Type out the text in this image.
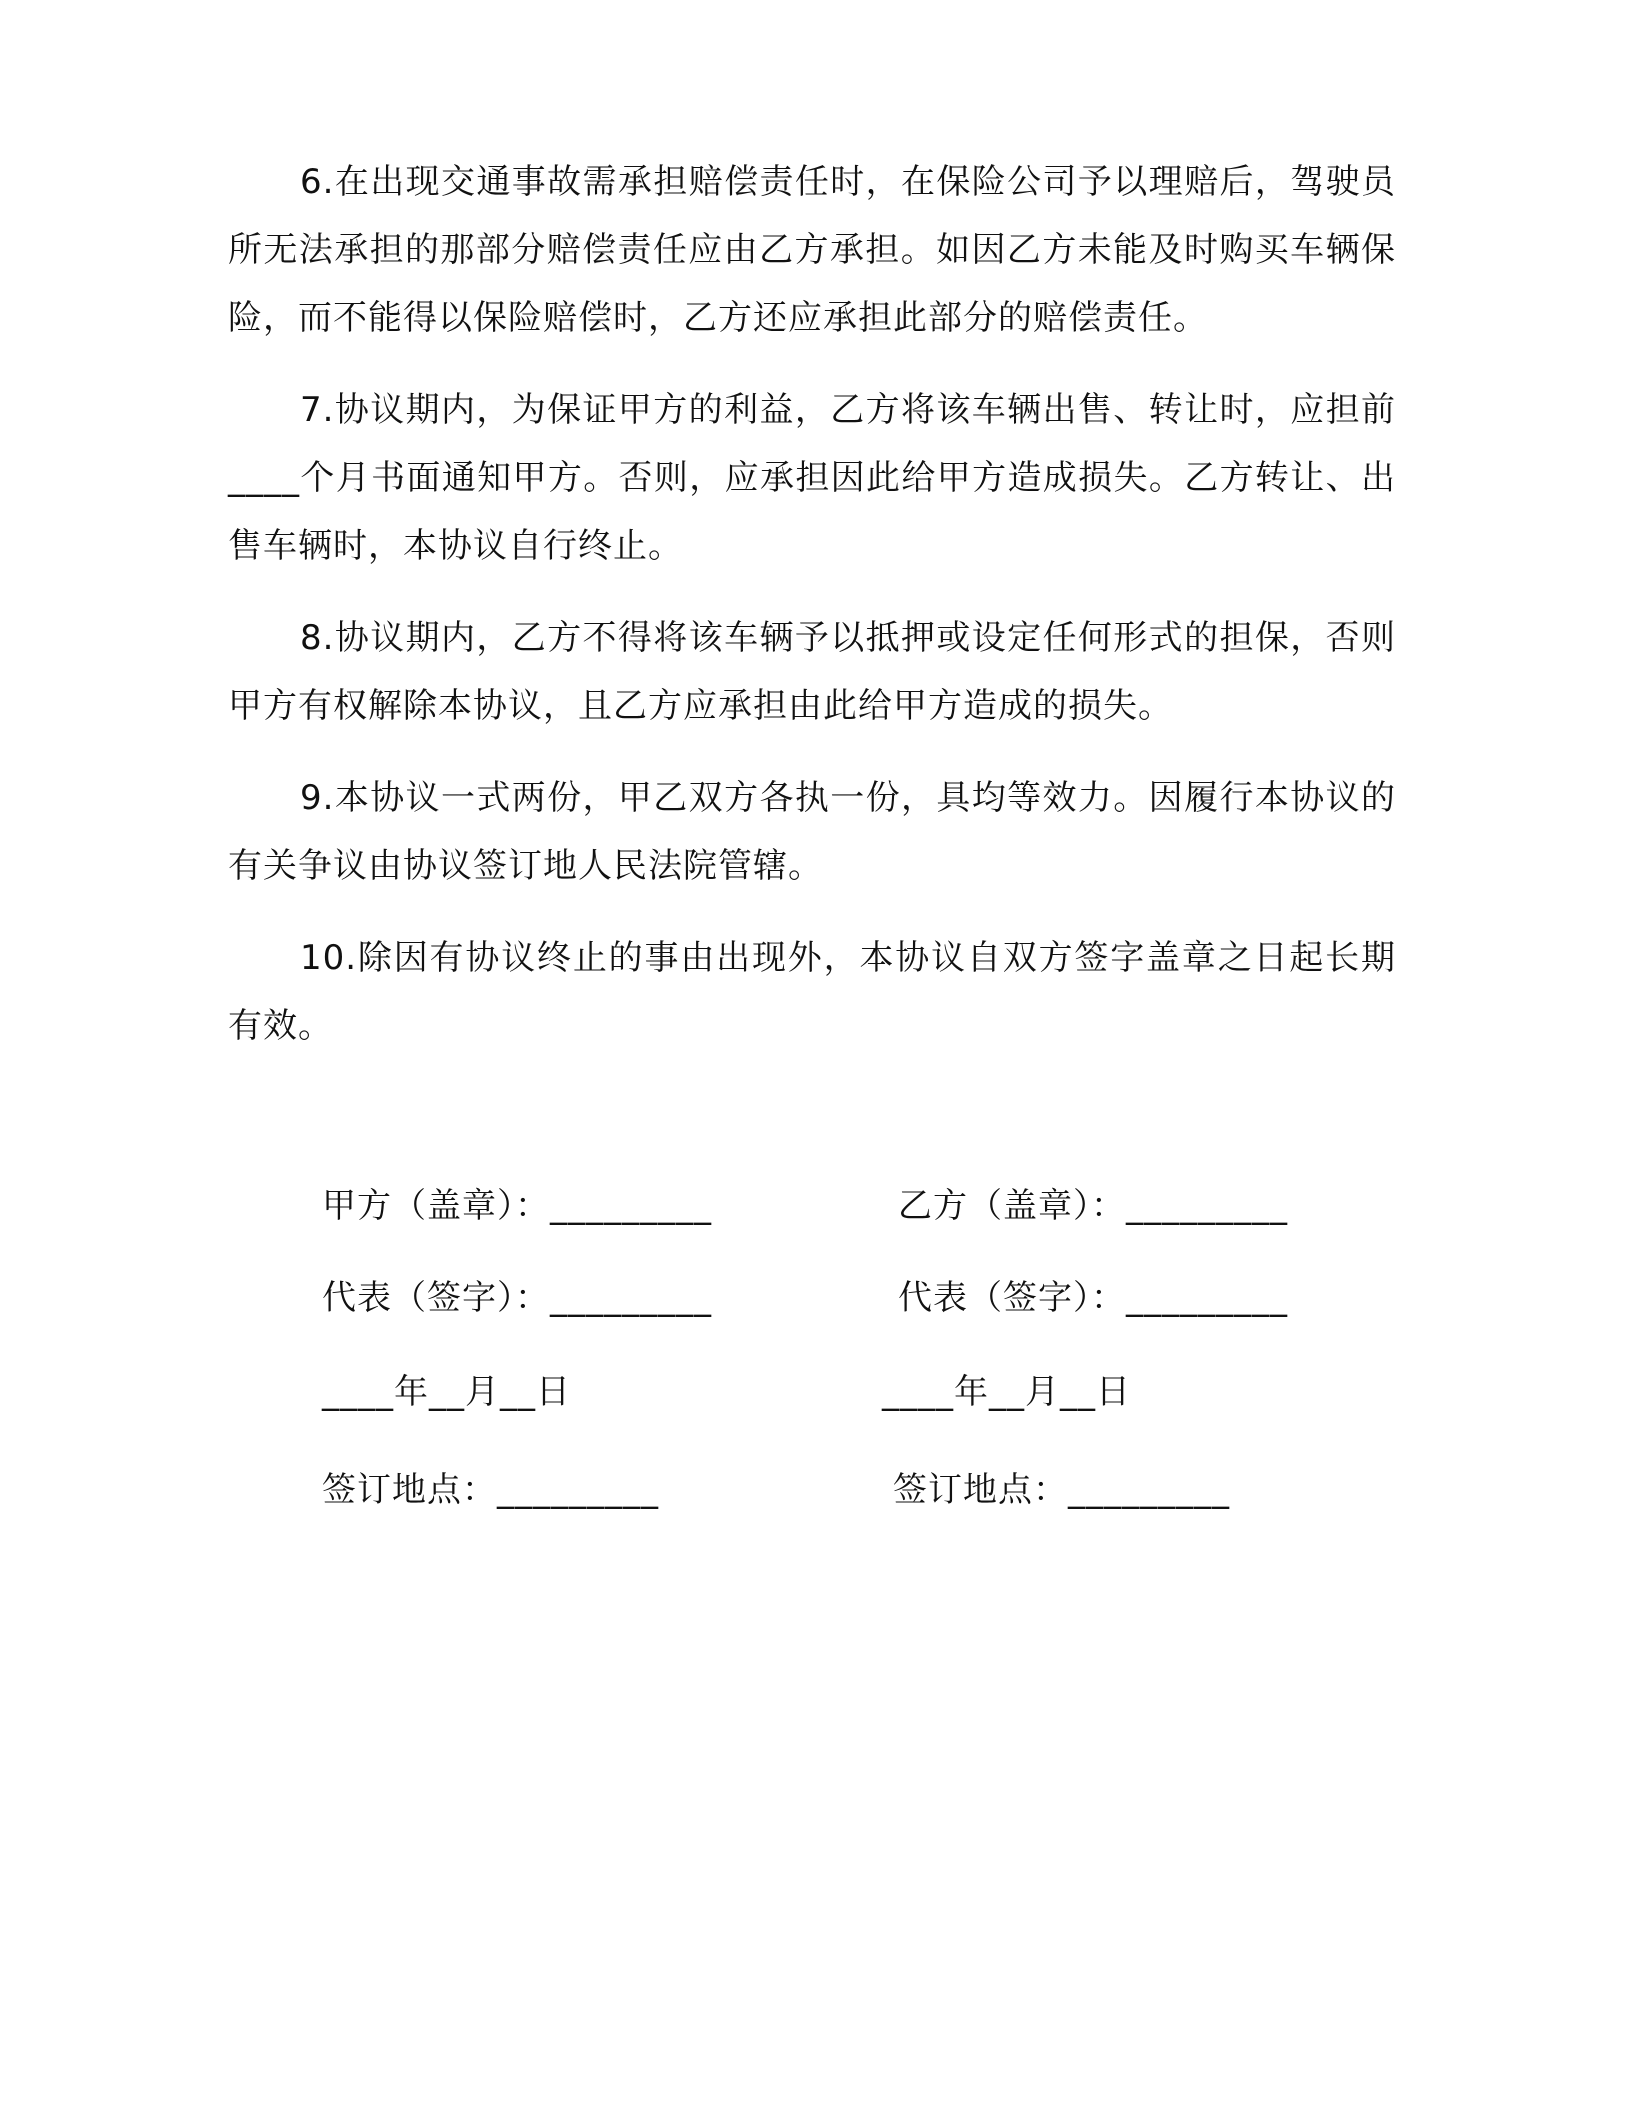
6.在出现交通事故需承担赔偿责任时，在保险公司予以理赔后，驾驶员所无法承担的那部分赔偿责任应由乙方承担。如因乙方未能及时购买车辆保险，而不能得以保险赔偿时，乙方还应承担此部分的赔偿责任。

7.协议期内，为保证甲方的利益，乙方将该车辆出售、转让时，应担前____个月书面通知甲方。否则，应承担因此给甲方造成损失。乙方转让、出售车辆时，本协议自行终止。

8.协议期内，乙方不得将该车辆予以抵押或设定任何形式的担保，否则甲方有权解除本协议，且乙方应承担由此给甲方造成的损失。

9.本协议一式两份，甲乙双方各执一份，具均等效力。因履行本协议的有关争议由协议签订地人民法院管辖。

10.除因有协议终止的事由出现外，本协议自双方签字盖章之日起长期有效。

甲方（盖章）：_________	乙方（盖章）：_________
代表（签字）：_________	代表（签字）：_________
____年__月__日	____年__月__日
签订地点：_________	签订地点：_________
